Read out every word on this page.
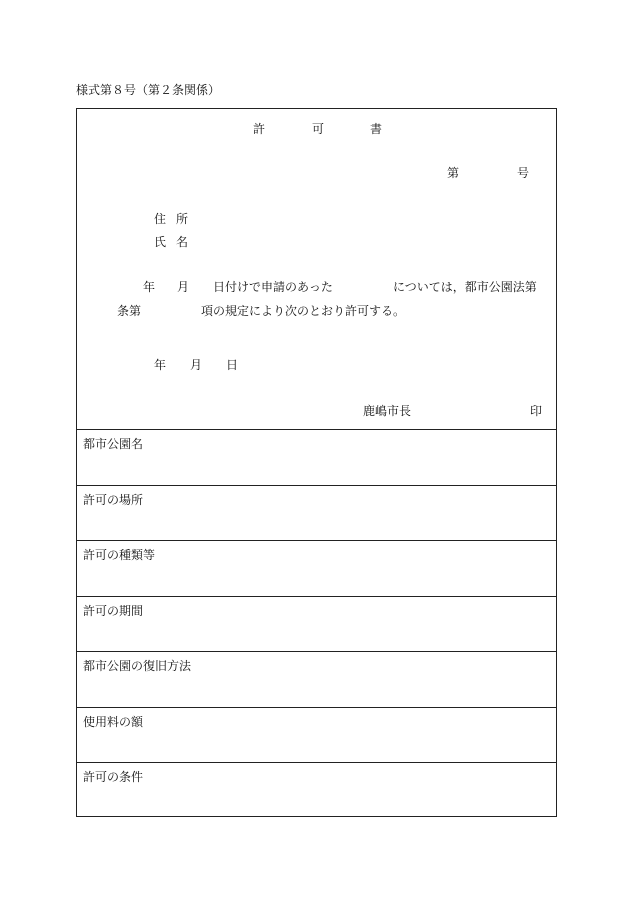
様式第８号（第２条関係）
許	可	書
第	号
住 所
氏 名
年 月 日付けで申請のあった	については，都市公園法第
条第	項の規定により次のとおり許可する。
年 月 日
鹿嶋市長	印
都市公園名
許可の場所
許可の種類等
許可の期間
都市公園の復旧方法
使用料の額
許可の条件
